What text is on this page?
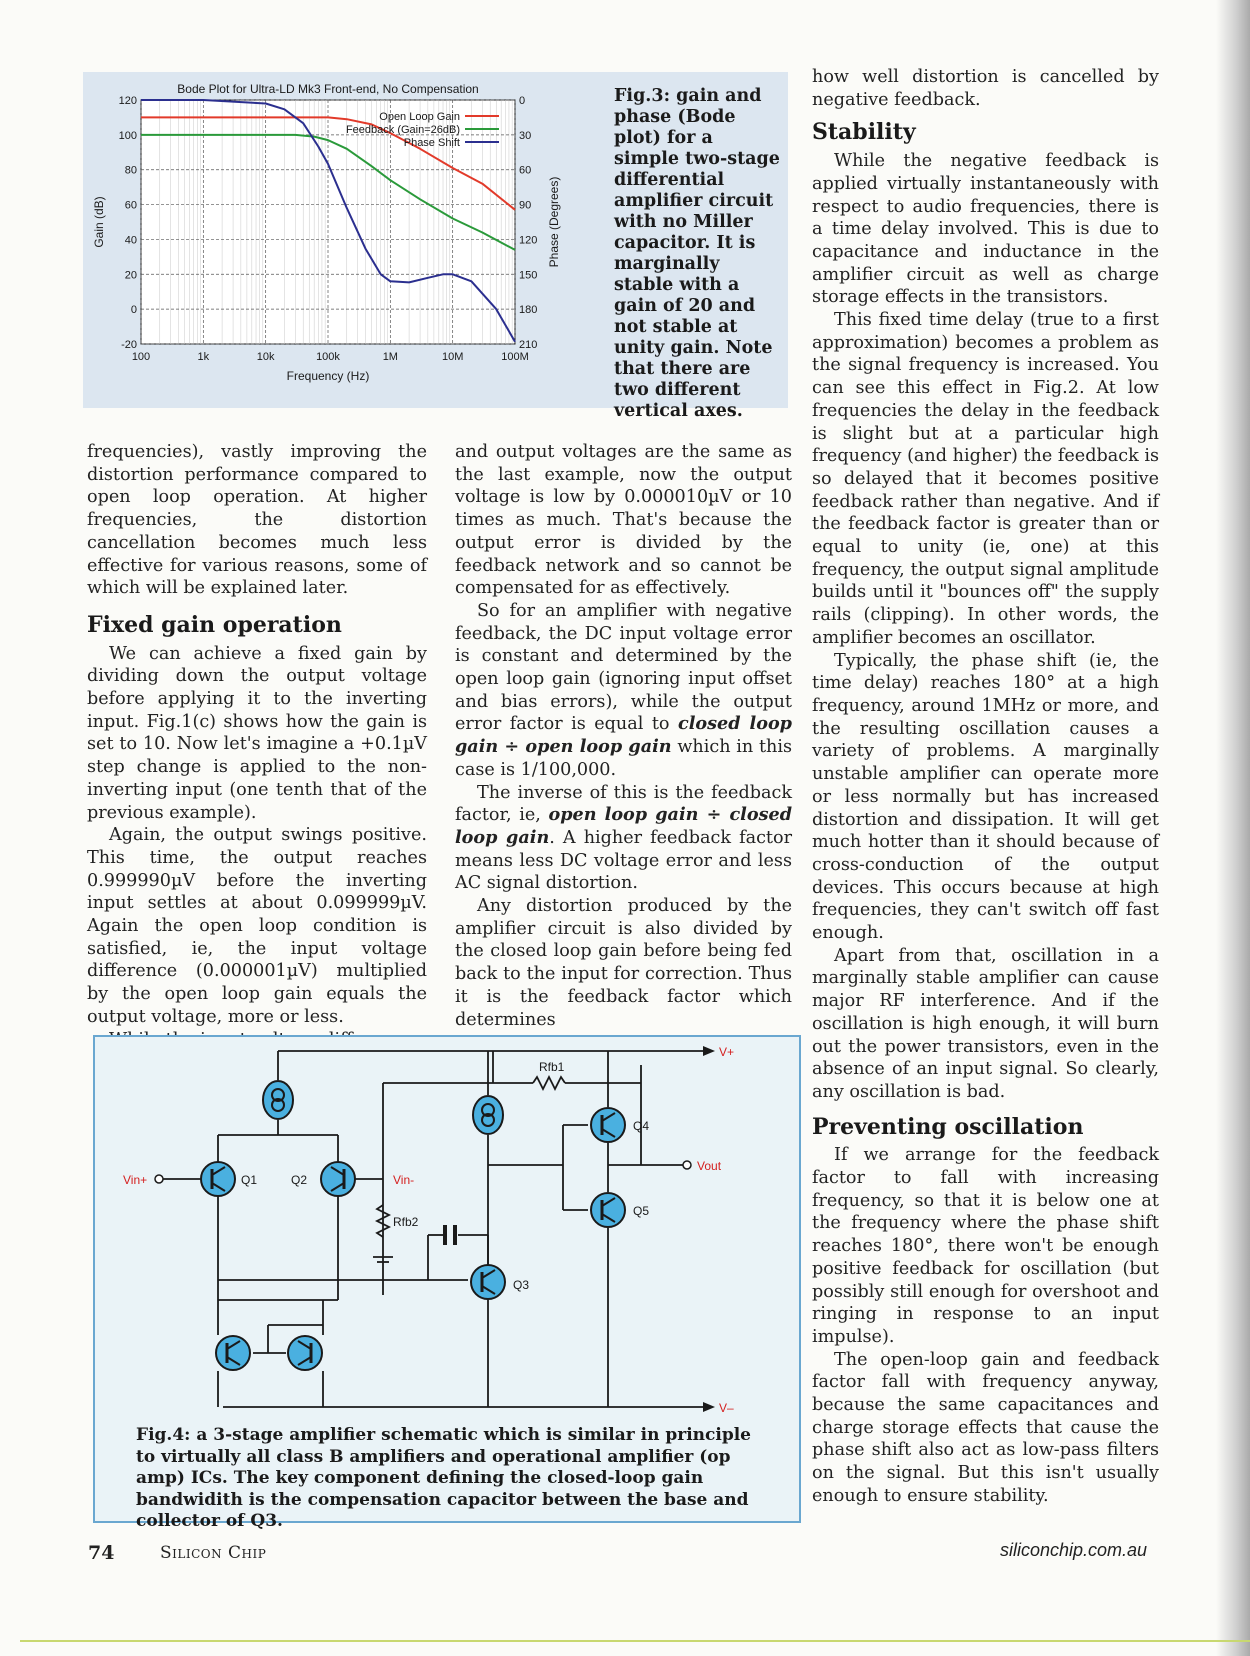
100	1k	10k	100k	1M	10M	100M
120
100
80
60
40
20
0
-20
0
30
60
90
120
150
180
210
Bode Plot for Ultra-LD Mk3 Front-end, No Compensation
Frequency (Hz)
Gain (dB)	Phase (Degrees)
Open Loop Gain
Feedback (Gain=26dB)
Phase Shift
Fig.3: gain and phase (Bode plot) for a simple two-stage differential amplifier circuit with no Miller capacitor. It is marginally stable with a gain of 20 and not stable at unity gain. Note that there are two different vertical axes.

frequencies), vastly improving the distortion performance compared to open loop operation. At higher frequencies, the distortion cancellation becomes much less effective for various reasons, some of which will be explained later.

Fixed gain operation

We can achieve a fixed gain by dividing down the output voltage before applying it to the inverting input. Fig.1(c) shows how the gain is set to 10. Now let's imagine a +0.1µV step change is applied to the non-inverting input (one tenth that of the previous example).

Again, the output swings positive. This time, the output reaches 0.999990µV before the inverting input settles at about 0.099999µV. Again the open loop condition is satisfied, ie, the input voltage difference (0.000001µV) multiplied by the open loop gain equals the output voltage, more or less.

and output voltages are the same as the last example, now the output voltage is low by 0.000010µV or 10 times as much. That's because the output error is divided by the feedback network and so cannot be compensated for as effectively.

So for an amplifier with negative feedback, the DC input voltage error is constant and determined by the open loop gain (ignoring input offset and bias errors), while the output error factor is equal to closed loop gain ÷ open loop gain which in this case is 1/100,000.

The inverse of this is the feedback factor, ie, open loop gain ÷ closed loop gain. A higher feedback factor means less DC voltage error and less AC signal distortion.

Any distortion produced by the amplifier circuit is also divided by the closed loop gain before being fed back to the input for correction. Thus it is the feedback factor which determines

how well distortion is cancelled by negative feedback.

Stability

While the negative feedback is applied virtually instantaneously with respect to audio frequencies, there is a time delay involved. This is due to capacitance and inductance in the amplifier circuit as well as charge storage effects in the transistors.

This fixed time delay (true to a first approximation) becomes a problem as the signal frequency is increased. You can see this effect in Fig.2. At low frequencies the delay in the feedback is slight but at a particular high frequency (and higher) the feedback is so delayed that it becomes positive feedback rather than negative. And if the feedback factor is greater than or equal to unity (ie, one) at this frequency, the output signal amplitude builds until it "bounces off" the supply rails (clipping). In other words, the amplifier becomes an oscillator.

Typically, the phase shift (ie, the time delay) reaches 180° at a high frequency, around 1MHz or more, and the resulting oscillation causes a variety of problems. A marginally unstable amplifier can operate more or less normally but has increased distortion and dissipation. It will get much hotter than it should because of cross-conduction of the output devices. This occurs because at high frequencies, they can't switch off fast enough.

Apart from that, oscillation in a marginally stable amplifier can cause major RF interference. And if the oscillation is high enough, it will burn out the power transistors, even in the absence of an input signal. So clearly, any oscillation is bad.

Preventing oscillation

If we arrange for the feedback factor to fall with increasing frequency, so that it is below one at the frequency where the phase shift reaches 180°, there won't be enough positive feedback for oscillation (but possibly still enough for overshoot and ringing in response to an input impulse).

The open-loop gain and feedback factor fall with frequency anyway, because the same capacitances and charge storage effects that cause the phase shift also act as low-pass filters on the signal. But this isn't usually enough to ensure stability.

V+
V–
Vin+	Vin-
Vout
Q1	Q2
Q3
Q4
Q5
Rfb1
Rfb2
Fig.4: a 3-stage amplifier schematic which is similar in principle to virtually all class B amplifiers and operational amplifier (op amp) ICs. The key component defining the closed-loop gain bandwidith is the compensation capacitor between the base and collector of Q3.
74	Silicon Chip	siliconchip.com.au
